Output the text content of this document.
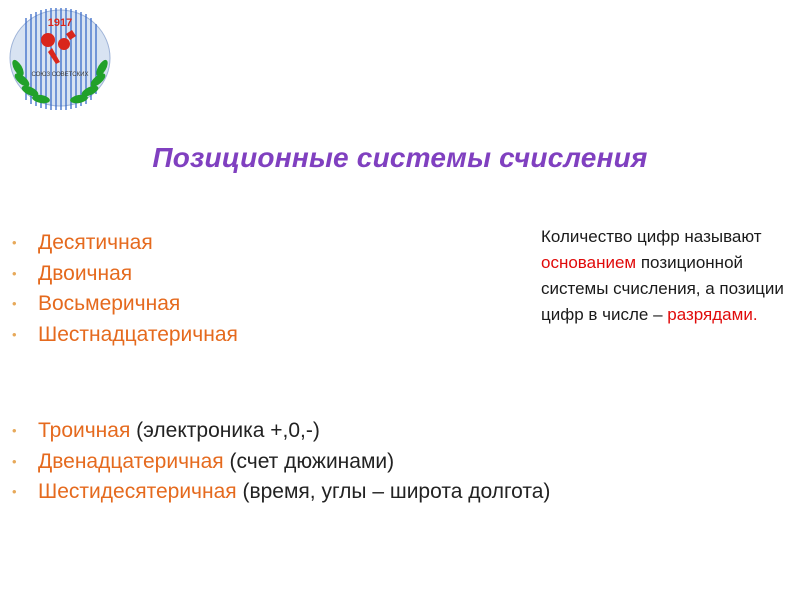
1917
СОЮЗ СОВЕТСКИХ
Позиционные системы счисления
• Десятичная
• Двоичная
• Восьмеричная
• Шестнадцатеричная
• Троичная (электроника +,0,-)
• Двенадцатеричная (счет дюжинами)
• Шестидесятеричная (время, углы – широта долгота)
Количество цифр называют основанием позиционной системы счисления, а позиции цифр в числе – разрядами.
